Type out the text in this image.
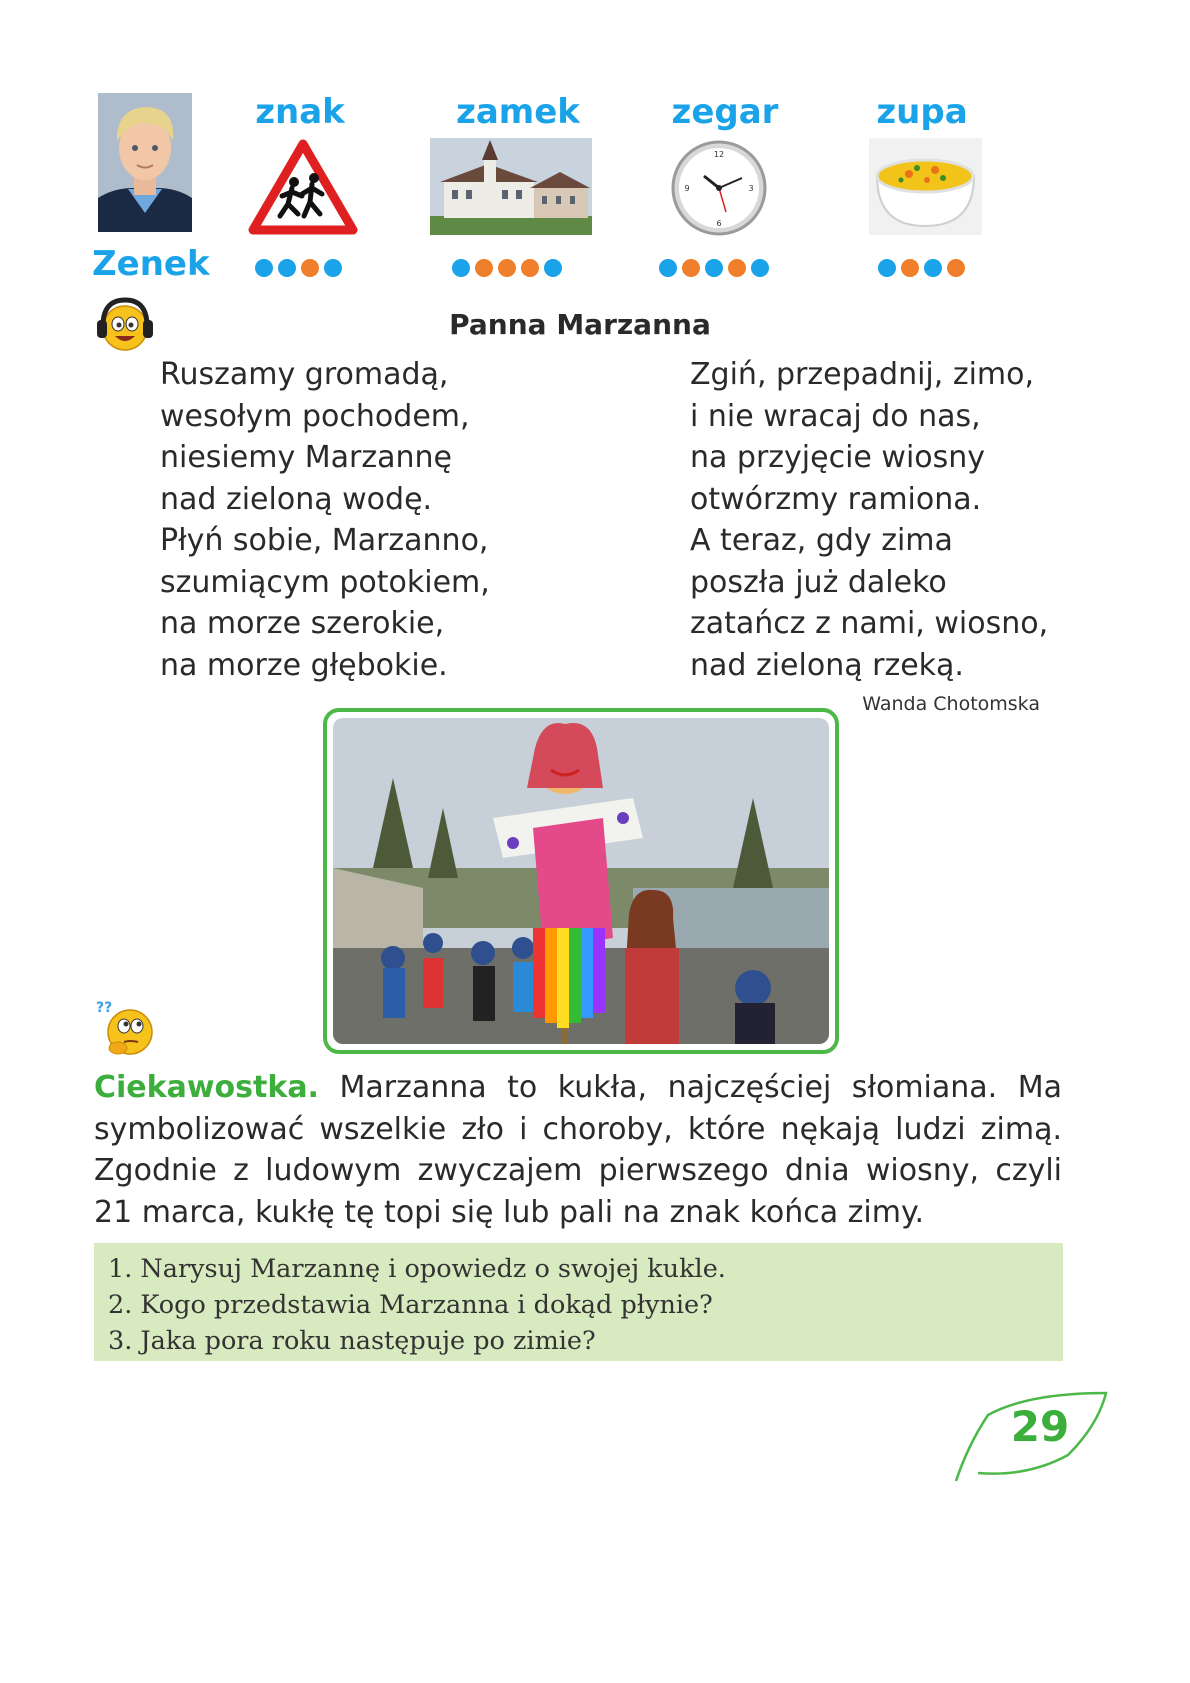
Zenek
znak	zamek	zegar
12
3
6
9
zupa
Panna Marzanna
Ruszamy gromadą,
wesołym pochodem,
niesiemy Marzannę
nad zieloną wodę.
Płyń sobie, Marzanno,
szumiącym potokiem,
na morze szerokie,
na morze głębokie.
Zgiń, przepadnij, zimo,
i nie wracaj do nas,
na przyjęcie wiosny
otwórzmy ramiona.
A teraz, gdy zima
poszła już daleko
zatańcz z nami, wiosno,
nad zieloną rzeką.
Wanda Chotomska
??
Ciekawostka. Marzanna to kukła, najczęściej słomiana. Ma symbolizować wszelkie zło i choroby, które nękają ludzi zimą. Zgodnie z ludowym zwyczajem pierwszego dnia wiosny, czyli 21 marca, kukłę tę topi się lub pali na znak końca zimy.
1. Narysuj Marzannę i opowiedz o swojej kukle.
2. Kogo przedstawia Marzanna i dokąd płynie?
3. Jaka pora roku następuje po zimie?
29
